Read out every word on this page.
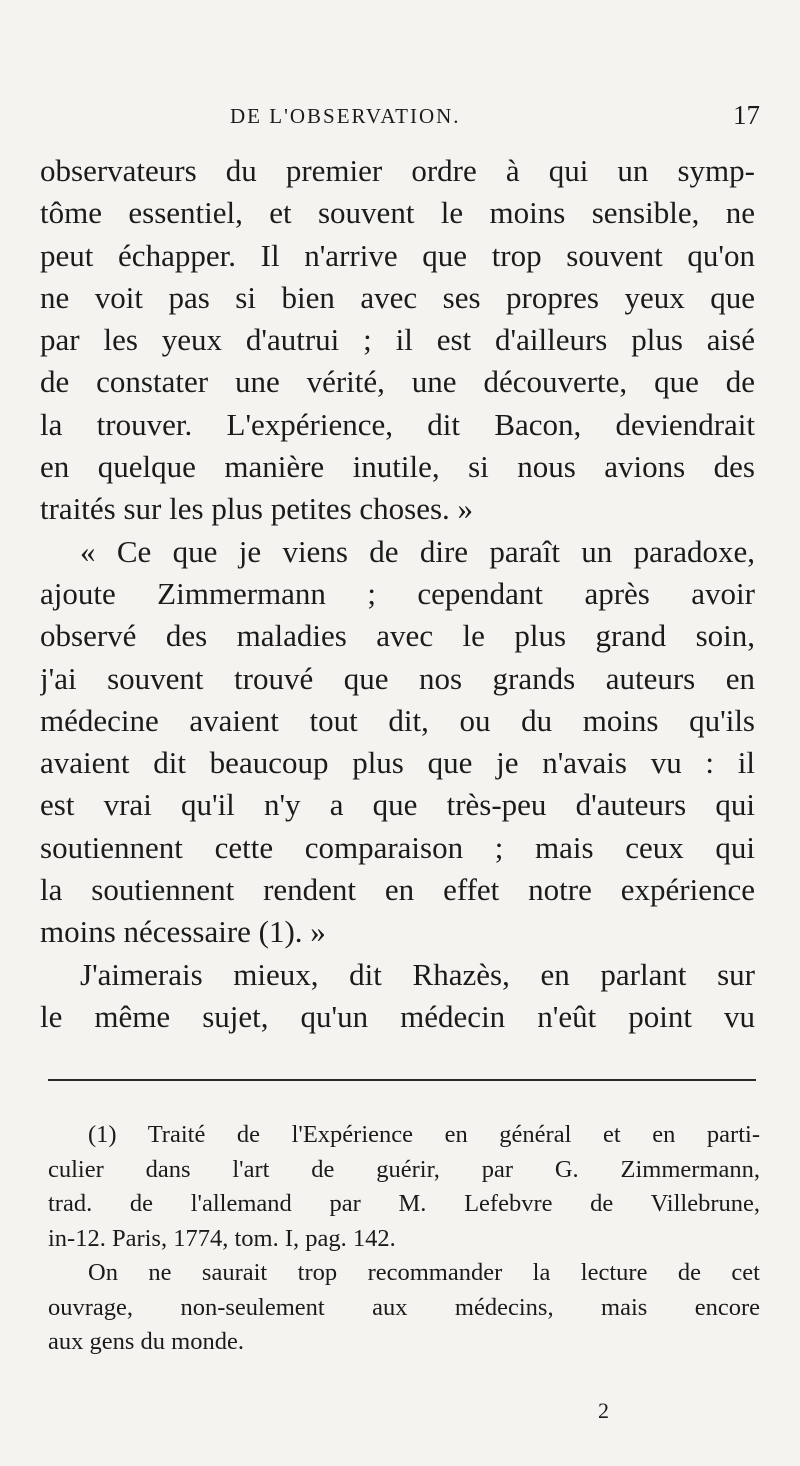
DE L'OBSERVATION.	17
observateurs du premier ordre à qui un symp-
tôme essentiel, et souvent le moins sensible, ne
peut échapper. Il n'arrive que trop souvent qu'on
ne voit pas si bien avec ses propres yeux que
par les yeux d'autrui ; il est d'ailleurs plus aisé
de constater une vérité, une découverte, que de
la trouver. L'expérience, dit Bacon, deviendrait
en quelque manière inutile, si nous avions des
traités sur les plus petites choses. »
« Ce que je viens de dire paraît un paradoxe,
ajoute Zimmermann ; cependant après avoir
observé des maladies avec le plus grand soin,
j'ai souvent trouvé que nos grands auteurs en
médecine avaient tout dit, ou du moins qu'ils
avaient dit beaucoup plus que je n'avais vu : il
est vrai qu'il n'y a que très-peu d'auteurs qui
soutiennent cette comparaison ; mais ceux qui
la soutiennent rendent en effet notre expérience
moins nécessaire (1). »
J'aimerais mieux, dit Rhazès, en parlant sur
le même sujet, qu'un médecin n'eût point vu
(1) Traité de l'Expérience en général et en parti-
culier dans l'art de guérir, par G. Zimmermann,
trad. de l'allemand par M. Lefebvre de Villebrune,
in-12. Paris, 1774, tom. I, pag. 142.
On ne saurait trop recommander la lecture de cet
ouvrage, non-seulement aux médecins, mais encore
aux gens du monde.
2
